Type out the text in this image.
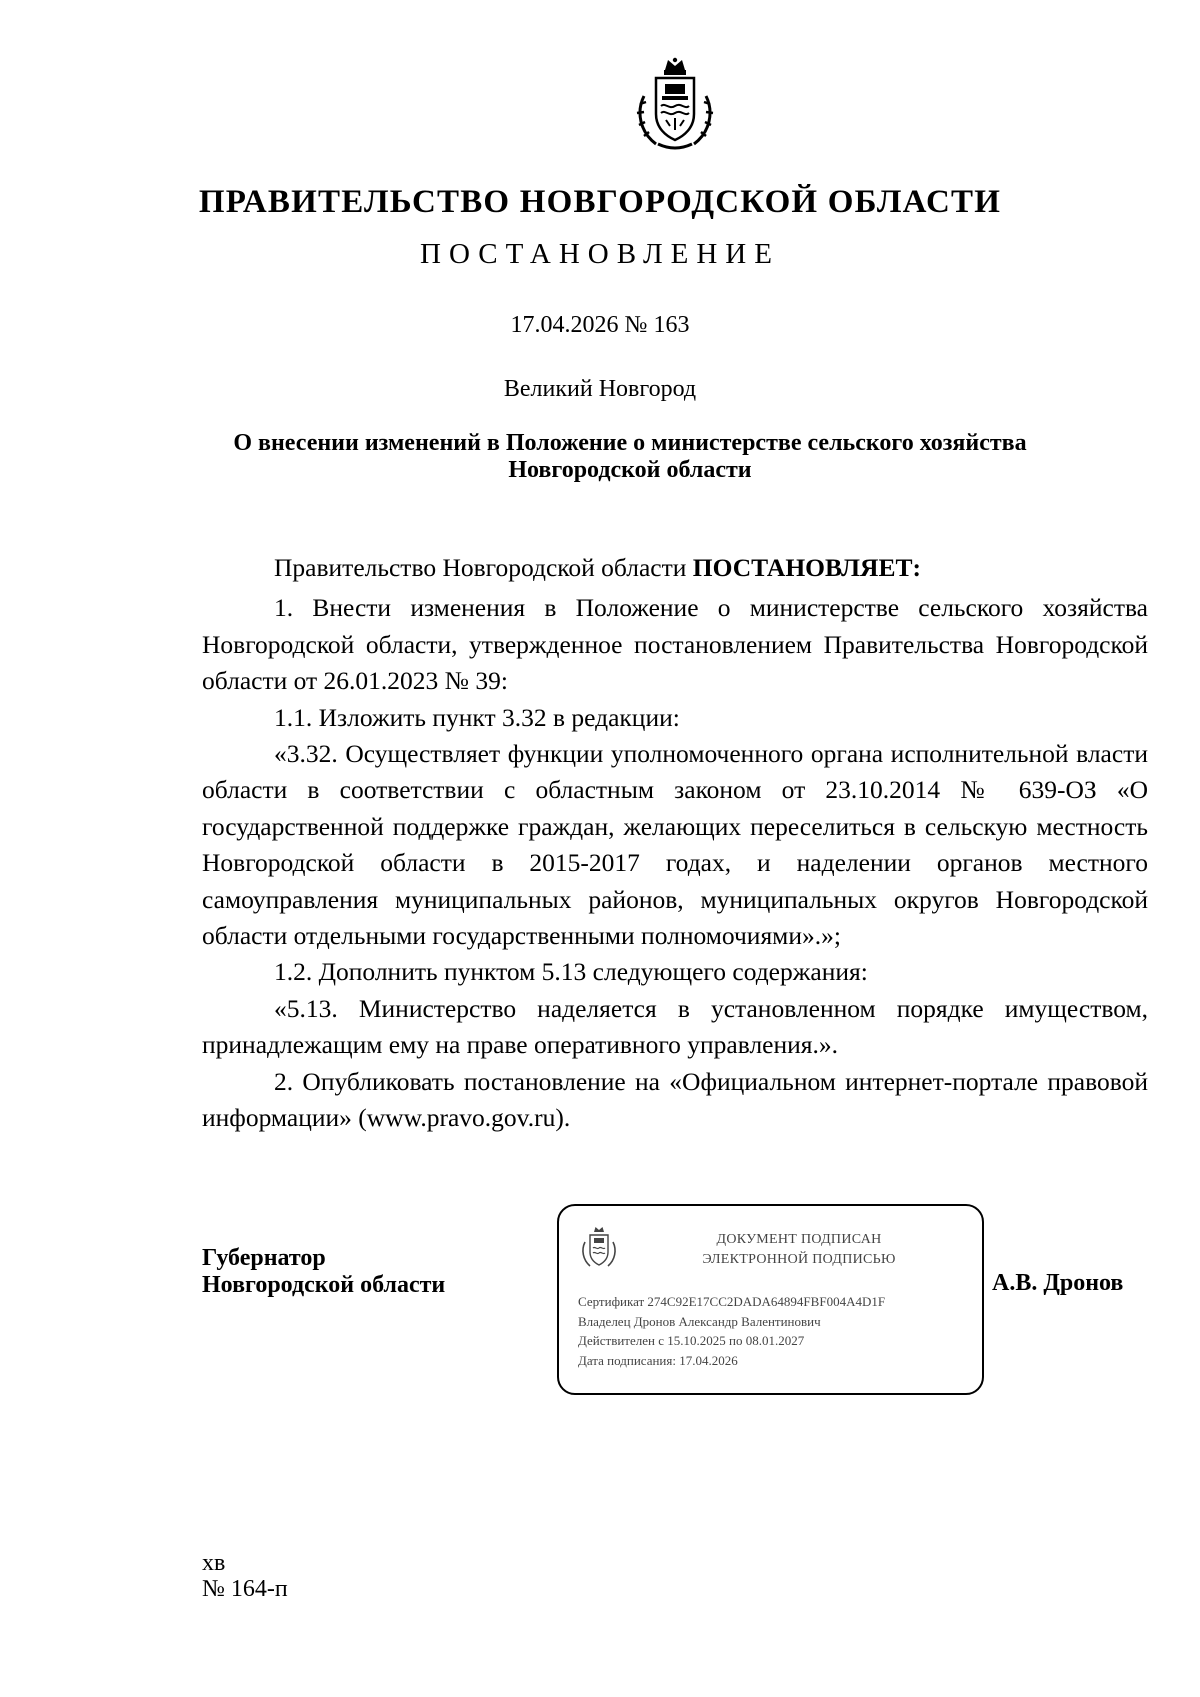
ПРАВИТЕЛЬСТВО НОВГОРОДСКОЙ ОБЛАСТИ
ПОСТАНОВЛЕНИЕ
17.04.2026 № 163
Великий Новгород
О внесении изменений в Положение о министерстве сельского хозяйства Новгородской области

Правительство Новгородской области ПОСТАНОВЛЯЕТ:

1. Внести изменения в Положение о министерстве сельского хозяйства Новгородской области, утвержденное постановлением Правительства Новгородской области от 26.01.2023 № 39:

1.1. Изложить пункт 3.32 в редакции:

«3.32. Осуществляет функции уполномоченного органа исполнительной власти области в соответствии с областным законом от 23.10.2014 № 639-ОЗ «О государственной поддержке граждан, желающих переселиться в сельскую местность Новгородской области в 2015-2017 годах, и наделении органов местного самоуправления муниципальных районов, муниципальных округов Новгородской области отдельными государственными полномочиями».»;

1.2. Дополнить пунктом 5.13 следующего содержания:

«5.13. Министерство наделяется в установленном порядке имуществом, принадлежащим ему на праве оперативного управления.».

2. Опубликовать постановление на «Официальном интернет-портале правовой информации» (www.pravo.gov.ru).

Губернатор
Новгородской области
ДОКУМЕНТ ПОДПИСАН
ЭЛЕКТРОННОЙ ПОДПИСЬЮ
Сертификат 274C92E17CC2DADA64894FBF004A4D1F
Владелец Дронов Александр Валентинович
Действителен с 15.10.2025 по 08.01.2027
Дата подписания: 17.04.2026
А.В. Дронов
хв
№ 164-п
